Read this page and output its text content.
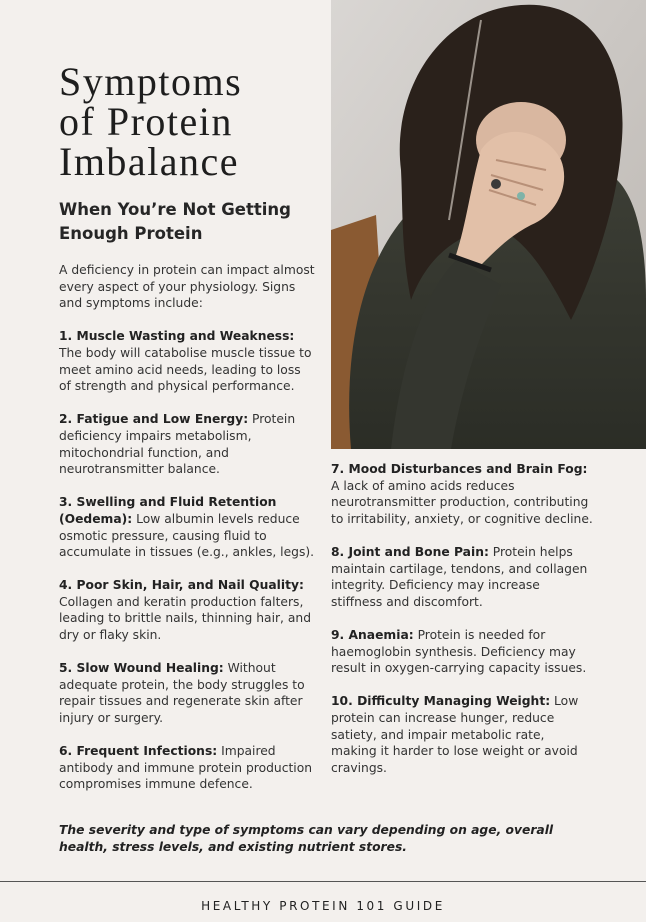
Symptoms
of Protein
Imbalance
When You’re Not Getting
Enough Protein

A deficiency in protein can impact almost every aspect of your physiology. Signs and symptoms include:

1. Muscle Wasting and Weakness: The body will catabolise muscle tissue to meet amino acid needs, leading to loss of strength and physical performance.

2. Fatigue and Low Energy: Protein deficiency impairs metabolism, mitochondrial function, and neurotransmitter balance.

3. Swelling and Fluid Retention (Oedema): Low albumin levels reduce osmotic pressure, causing fluid to accumulate in tissues (e.g., ankles, legs).

4. Poor Skin, Hair, and Nail Quality: Collagen and keratin production falters, leading to brittle nails, thinning hair, and dry or flaky skin.

5. Slow Wound Healing: Without adequate protein, the body struggles to repair tissues and regenerate skin after injury or surgery.

6. Frequent Infections: Impaired antibody and immune protein production compromises immune defence.

7. Mood Disturbances and Brain Fog: A lack of amino acids reduces neurotransmitter production, contributing to irritability, anxiety, or cognitive decline.

8. Joint and Bone Pain: Protein helps maintain cartilage, tendons, and collagen integrity. Deficiency may increase stiffness and discomfort.

9. Anaemia: Protein is needed for haemoglobin synthesis. Deficiency may result in oxygen-carrying capacity issues.

10. Difficulty Managing Weight: Low protein can increase hunger, reduce satiety, and impair metabolic rate, making it harder to lose weight or avoid cravings.

The severity and type of symptoms can vary depending on age, overall health, stress levels, and existing nutrient stores.

HEALTHY PROTEIN 101 GUIDE
